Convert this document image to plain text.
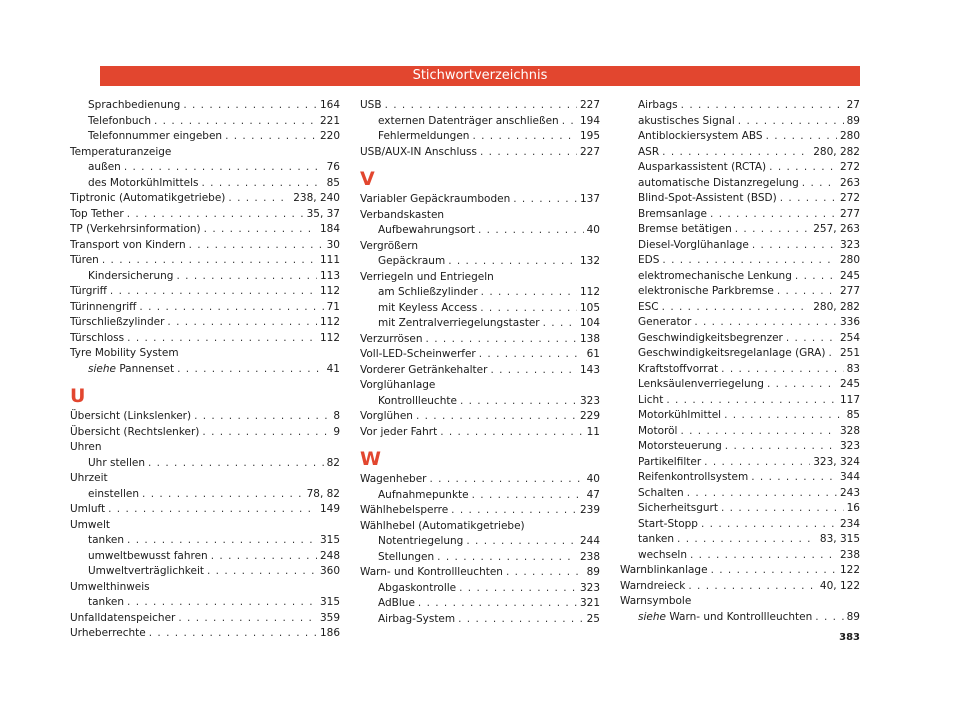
Stichwortverzeichnis
Sprachbedienung . . .	164
Telefonbuch . . .	221
Telefonnummer eingeben . . .	220
Temperaturanzeige
außen . . .	76
des Motorkühlmittels . . .	85
Tiptronic (Automatikgetriebe) . . .	238, 240
Top Tether . . .	35, 37
TP (Verkehrsinformation) . . .	184
Transport von Kindern . . .	30
Türen . . .	111
Kindersicherung . . .	113
Türgriff . . .	112
Türinnengriff . . .	71
Türschließzylinder . . .	112
Türschloss . . .	112
Tyre Mobility System
siehe Pannenset . . .	41
U
Übersicht (Linkslenker) . . .	8
Übersicht (Rechtslenker) . . .	9
Uhren
Uhr stellen . . .	82
Uhrzeit
einstellen . . .	78, 82
Umluft . . .	149
Umwelt
tanken . . .	315
umweltbewusst fahren . . .	248
Umweltverträglichkeit . . .	360
Umwelthinweis
tanken . . .	315
Unfalldatenspeicher . . .	359
Urheberrechte . . .	186
USB . . .	227
externen Datenträger anschließen . . . 194
Fehlermeldungen . . .	195
USB/AUX-IN Anschluss . . .	227
V
Variabler Gepäckraumboden . . .	137
Verbandskasten
Aufbewahrungsort . . .	40
Vergrößern
Gepäckraum . . .	132
Verriegeln und Entriegeln
am Schließzylinder . . .	112
mit Keyless Access . . .	105
mit Zentralverriegelungstaster . . .	104
Verzurrösen . . .	138
Voll-LED-Scheinwerfer . . .	61
Vorderer Getränkehalter . . .	143
Vorglühanlage
Kontrollleuchte . . .	323
Vorglühen . . .	229
Vor jeder Fahrt . . .	11
W
Wagenheber . . .	40
Aufnahmepunkte . . .	47
Wählhebelsperre . . .	239
Wählhebel (Automatikgetriebe)
Notentriegelung . . .	244
Stellungen . . .	238
Warn- und Kontrollleuchten . . .	89
Abgaskontrolle . . .	323
AdBlue . . .	321
Airbag-System . . .	25
Airbags . . .	27
akustisches Signal . . .	89
Antiblockiersystem ABS . . .	280
ASR . . .	280, 282
Ausparkassistent (RCTA) . . .	272
automatische Distanzregelung . . .	263
Blind-Spot-Assistent (BSD) . . .	272
Bremsanlage . . .	277
Bremse betätigen . . .	257, 263
Diesel-Vorglühanlage . . .	323
EDS . . .	280
elektromechanische Lenkung . . .	245
elektronische Parkbremse . . .	277
ESC . . .	280, 282
Generator . . .	336
Geschwindigkeitsbegrenzer . . .	254
Geschwindigkeitsregelanlage (GRA) . . . 251
Kraftstoffvorrat . . .	83
Lenksäulenverriegelung . . .	245
Licht . . .	117
Motorkühlmittel . . .	85
Motoröl . . .	328
Motorsteuerung . . .	323
Partikelfilter . . .	323, 324
Reifenkontrollsystem . . .	344
Schalten . . .	243
Sicherheitsgurt . . .	16
Start-Stopp . . .	234
tanken . . .	83, 315
wechseln . . .	238
Warnblinkanlage . . .	122
Warndreieck . . .	40, 122
Warnsymbole
siehe Warn- und Kontrollleuchten . . .	89
383
